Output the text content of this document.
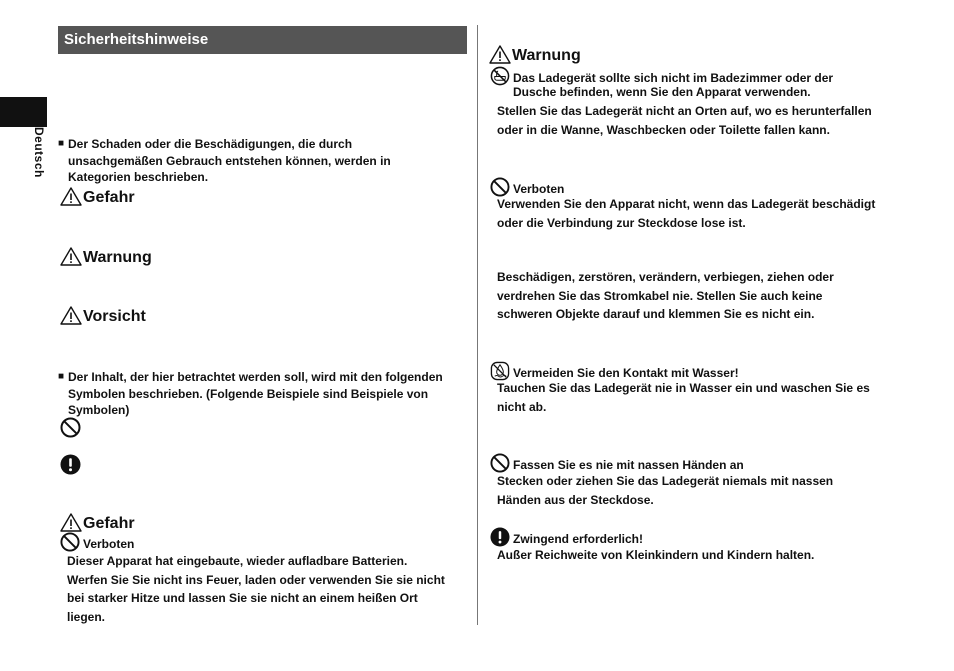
Sicherheitshinweise
Deutsch ■ Der Schaden oder die Beschädigungen, die durch
unsachgemäßen Gebrauch entstehen können, werden in
Kategorien beschrieben.
Gefahr
Warnung
Vorsicht
■ Der Inhalt, der hier betrachtet werden soll, wird mit den folgenden
Symbolen beschrieben. (Folgende Beispiele sind Beispiele von
Symbolen)
Gefahr
Verboten
Dieser Apparat hat eingebaute, wieder aufladbare Batterien.
Werfen Sie Sie nicht ins Feuer, laden oder verwenden Sie sie nicht
bei starker Hitze und lassen Sie sie nicht an einem heißen Ort
liegen.
Warnung
Das Ladegerät sollte sich nicht im Badezimmer oder der
Dusche befinden, wenn Sie den Apparat verwenden.
Stellen Sie das Ladegerät nicht an Orten auf, wo es herunterfallen
oder in die Wanne, Waschbecken oder Toilette fallen kann.
Verboten
Verwenden Sie den Apparat nicht, wenn das Ladegerät beschädigt
oder die Verbindung zur Steckdose lose ist.
Beschädigen, zerstören, verändern, verbiegen, ziehen oder
verdrehen Sie das Stromkabel nie. Stellen Sie auch keine
schweren Objekte darauf und klemmen Sie es nicht ein.
Vermeiden Sie den Kontakt mit Wasser!
Tauchen Sie das Ladegerät nie in Wasser ein und waschen Sie es
nicht ab.
Fassen Sie es nie mit nassen Händen an
Stecken oder ziehen Sie das Ladegerät niemals mit nassen
Händen aus der Steckdose.
Zwingend erforderlich!
Außer Reichweite von Kleinkindern und Kindern halten.
